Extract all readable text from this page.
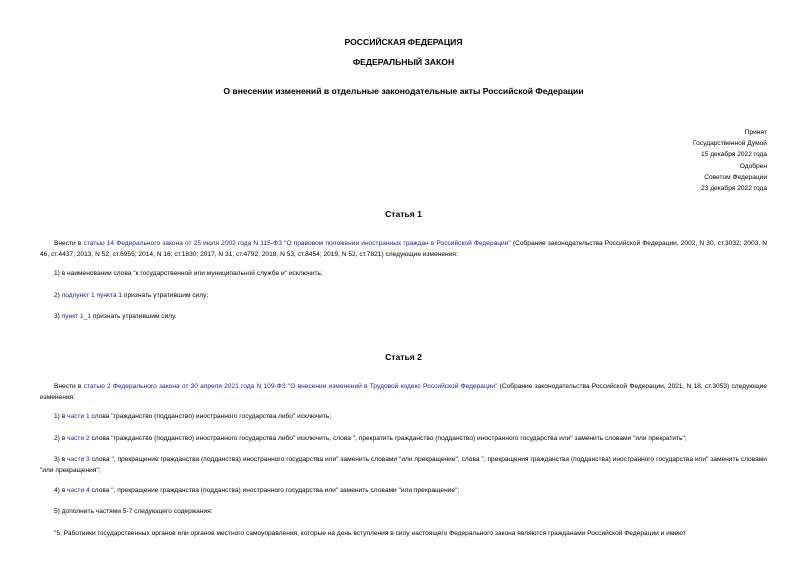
РОССИЙСКАЯ ФЕДЕРАЦИЯ
ФЕДЕРАЛЬНЫЙ ЗАКОН
О внесении изменений в отдельные законодательные акты Российской Федерации
Принят
Государственной Думой
15 декабря 2022 года
Одобрен
Советом Федерации
23 декабря 2022 года
Статья 1
Внести в статью 14 Федерального закона от 25 июля 2002 года N 115-ФЗ "О правовом положении иностранных граждан в Российской Федерации" (Собрание законодательства Российской Федерации, 2002, N 30, ст.3032; 2003, N 46, ст.4437; 2013, N 52, ст.6955; 2014, N 16, ст.1830; 2017, N 31, ст.4792; 2018, N 53, ст.8454; 2019, N 52, ст.7821) следующие изменения:
1) в наименовании слова "к государственной или муниципальной службе и" исключить;
2) подпункт 1 пункта 1 признать утратившим силу;
3) пункт 1_1 признать утратившим силу.
Статья 2
Внести в статью 2 Федерального закона от 30 апреля 2021 года N 109-ФЗ "О внесении изменений в Трудовой кодекс Российской Федерации" (Собрание законодательства Российской Федерации, 2021, N 18, ст.3053) следующие изменения:
1) в части 1 слова "гражданство (подданство) иностранного государства либо" исключить;
2) в части 2 слова "гражданство (подданство) иностранного государства либо" исключить, слова ", прекратить гражданство (подданство) иностранного государства или" заменить словами "или прекратить";
3) в части 3 слова ", прекращение гражданства (подданства) иностранного государства или" заменить словами "или прекращение", слова ", прекращения гражданства (подданства) иностранного государства или" заменить словами "или прекращения";
4) в части 4 слова ", прекращение гражданства (подданства) иностранного государства или" заменить словами "или прекращение";
5) дополнить частями 5-7 следующего содержания:
"5. Работники государственных органов или органов местного самоуправления, которые на день вступления в силу настоящего Федерального закона являются гражданами Российской Федерации и имеют
